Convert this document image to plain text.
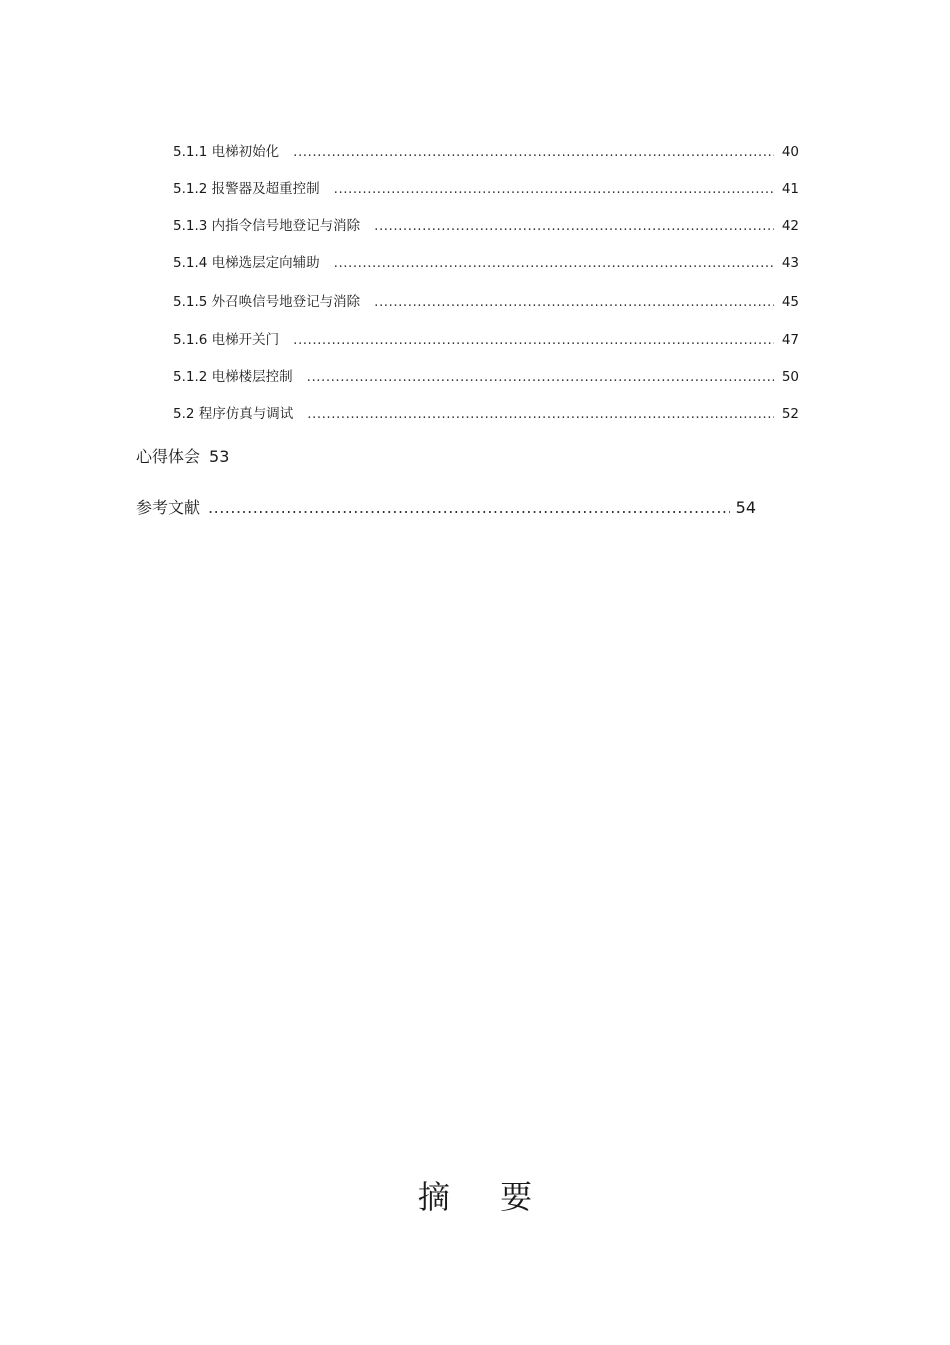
5.1.1 电梯初始化 .....	40
5.1.2 报警器及超重控制 .....	41
5.1.3 内指令信号地登记与消除 .....	42
5.1.4 电梯选层定向辅助 .....	43
5.1.5 外召唤信号地登记与消除 .....	45
5.1.6 电梯开关门 .....	47
5.1.2 电梯楼层控制 .....	50
5.2 程序仿真与调试 .....	52
心得体会 53
参考文献 .....	54
摘 要
